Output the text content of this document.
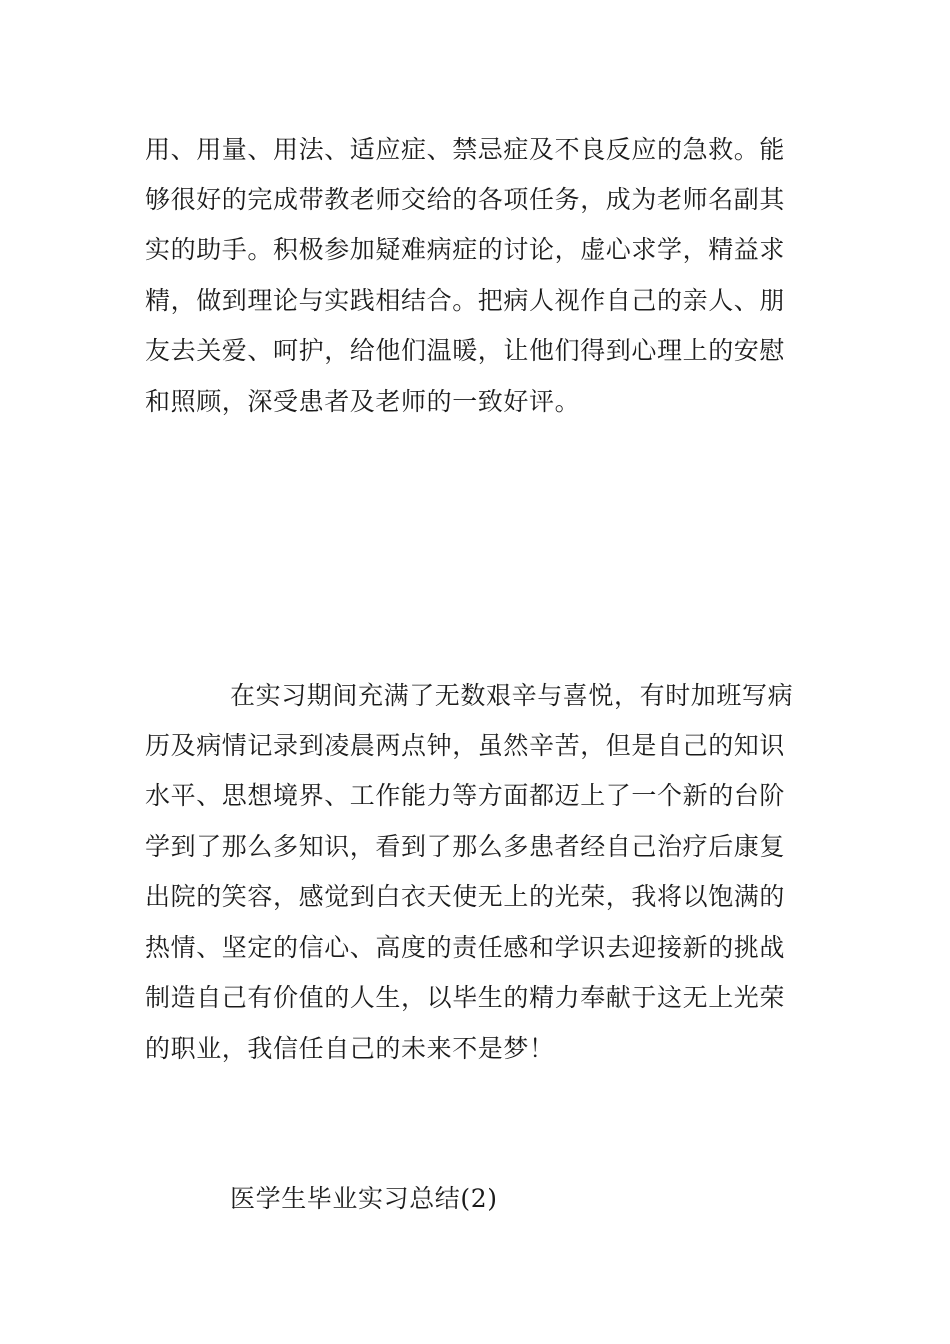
用、用量、用法、适应症、禁忌症及不良反应的急救。能
够很好的完成带教老师交给的各项任务，成为老师名副其
实的助手。积极参加疑难病症的讨论，虚心求学，精益求
精，做到理论与实践相结合。把病人视作自己的亲人、朋
友去关爱、呵护，给他们温暖，让他们得到心理上的安慰
和照顾，深受患者及老师的一致好评。
在实习期间充满了无数艰辛与喜悦，有时加班写病
历及病情记录到凌晨两点钟，虽然辛苦，但是自己的知识
水平、思想境界、工作能力等方面都迈上了一个新的台阶
学到了那么多知识，看到了那么多患者经自己治疗后康复
出院的笑容，感觉到白衣天使无上的光荣，我将以饱满的
热情、坚定的信心、高度的责任感和学识去迎接新的挑战
制造自己有价值的人生，以毕生的精力奉献于这无上光荣
的职业，我信任自己的未来不是梦！
医学生毕业实习总结(2)
